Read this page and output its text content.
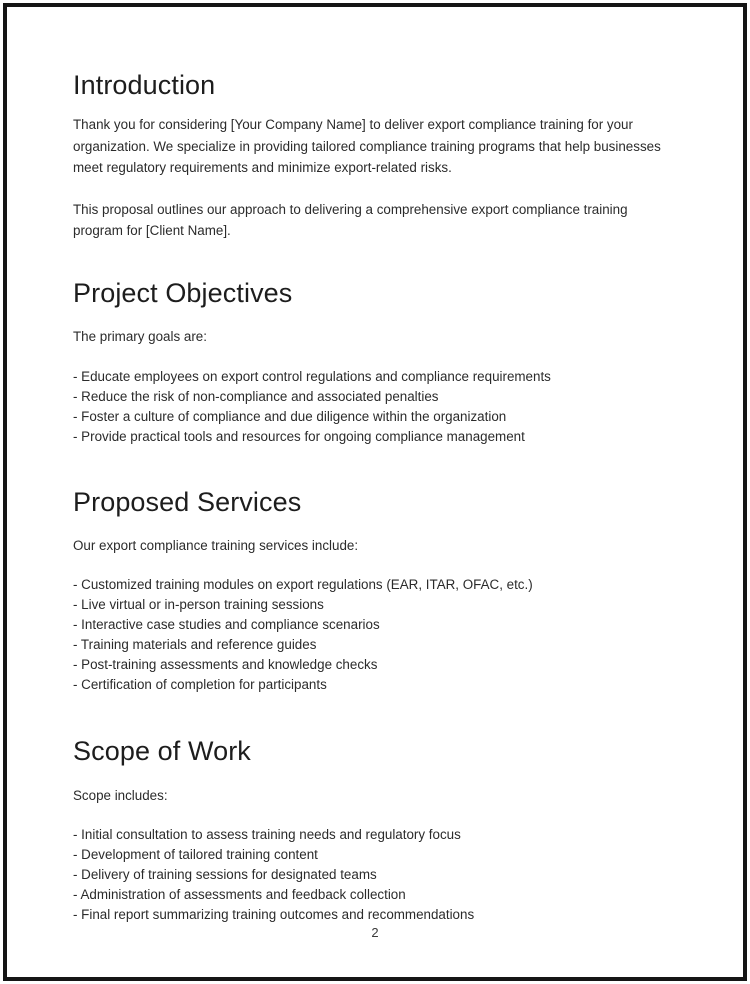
Introduction

Thank you for considering [Your Company Name] to deliver export compliance training for your organization. We specialize in providing tailored compliance training programs that help businesses meet regulatory requirements and minimize export-related risks.

This proposal outlines our approach to delivering a comprehensive export compliance training program for [Client Name].

Project Objectives

The primary goals are:

- Educate employees on export control regulations and compliance requirements
- Reduce the risk of non-compliance and associated penalties
- Foster a culture of compliance and due diligence within the organization
- Provide practical tools and resources for ongoing compliance management
Proposed Services

Our export compliance training services include:

- Customized training modules on export regulations (EAR, ITAR, OFAC, etc.)
- Live virtual or in-person training sessions
- Interactive case studies and compliance scenarios
- Training materials and reference guides
- Post-training assessments and knowledge checks
- Certification of completion for participants
Scope of Work

Scope includes:

- Initial consultation to assess training needs and regulatory focus
- Development of tailored training content
- Delivery of training sessions for designated teams
- Administration of assessments and feedback collection
- Final report summarizing training outcomes and recommendations
2
